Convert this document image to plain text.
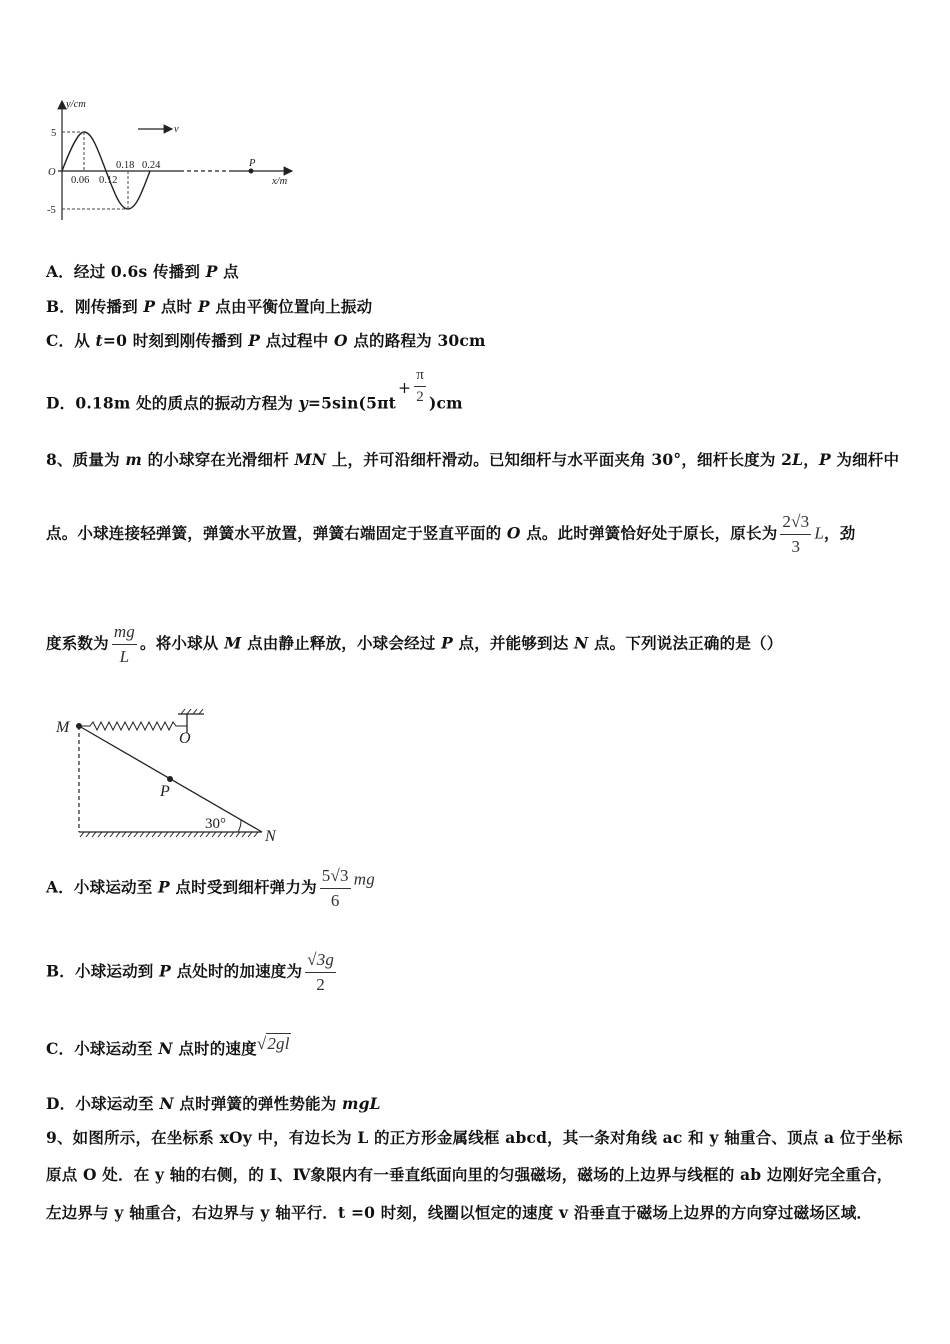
y/cm
x/m
v
O
5
-5
0.06 0.12
0.18 0.24	P
A．经过 0.6s 传播到 P 点
B．刚传播到 P 点时 P 点由平衡位置向上振动
C．从 t=0 时刻到刚传播到 P 点过程中 O 点的路程为 30cm
D．0.18m 处的质点的振动方程为 $y=5\sin(5\pi t+ \frac{\pi}{2} )cm$
8、质量为 m 的小球穿在光滑细杆 MN 上，并可沿细杆滑动。已知细杆与水平面夹角 30°，细杆长度为 2L，P 为细杆中
点。小球连接轻弹簧，弹簧水平放置，弹簧右端固定于竖直平面的 O 点。此时弹簧恰好处于原长，原长为 $\frac{2√3}{3}$ L，劲
度系数为 $\frac{mg}{L}$ 。将小球从 M 点由静止释放，小球会经过 P 点，并能够到达 N 点。下列说法正确的是（）
M
O
P
N
30°
A．小球运动至 P 点时受到细杆弹力为 $\frac{5√3}{6}$ mg
B．小球运动到 P 点处时的加速度为 $\frac{√3g}{2}$
C．小球运动至 N 点时的速度√2gl
D．小球运动至 N 点时弹簧的弹性势能为 mgL
9、如图所示，在坐标系 xOy 中，有边长为 L 的正方形金属线框 abcd，其一条对角线 ac 和 y 轴重合、顶点 a 位于坐标
原点 O 处．在 y 轴的右侧，的 I、Ⅳ象限内有一垂直纸面向里的匀强磁场，磁场的上边界与线框的 ab 边刚好完全重合，
左边界与 y 轴重合，右边界与 y 轴平行．t =0 时刻，线圈以恒定的速度 v 沿垂直于磁场上边界的方向穿过磁场区域．
